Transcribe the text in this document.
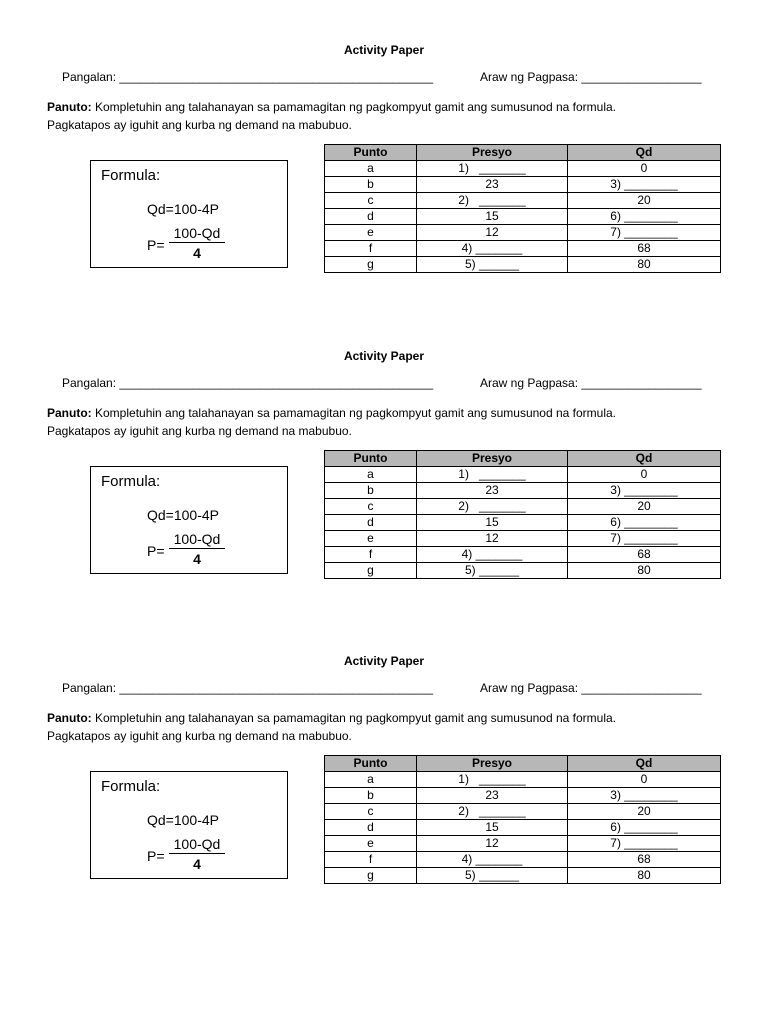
Activity Paper
Pangalan: _______________________________________________	Araw ng Pagpasa: __________________
Panuto: Kompletuhin ang talahanayan sa pamamagitan ng pagkompyut gamit ang sumusunod na formula.
Pagkatapos ay iguhit ang kurba ng demand na mabubuo.
Formula:
Qd=100-4P
$P= \frac{100-Qd}{4}$
Punto	Presyo	Qd
a	1)   _______	0
b	23	3) ________
c	2)   _______	20
d	15	6) ________
e	12	7) ________
f	4) _______	68
g	5) ______	80
Activity Paper
Pangalan: _______________________________________________	Araw ng Pagpasa: __________________
Panuto: Kompletuhin ang talahanayan sa pamamagitan ng pagkompyut gamit ang sumusunod na formula.
Pagkatapos ay iguhit ang kurba ng demand na mabubuo.
Formula:
Qd=100-4P
$P= \frac{100-Qd}{4}$
Punto	Presyo	Qd
a	1)   _______	0
b	23	3) ________
c	2)   _______	20
d	15	6) ________
e	12	7) ________
f	4) _______	68
g	5) ______	80
Activity Paper
Pangalan: _______________________________________________	Araw ng Pagpasa: __________________
Panuto: Kompletuhin ang talahanayan sa pamamagitan ng pagkompyut gamit ang sumusunod na formula.
Pagkatapos ay iguhit ang kurba ng demand na mabubuo.
Formula:
Qd=100-4P
$P= \frac{100-Qd}{4}$
Punto	Presyo	Qd
a	1)   _______	0
b	23	3) ________
c	2)   _______	20
d	15	6) ________
e	12	7) ________
f	4) _______	68
g	5) ______	80
